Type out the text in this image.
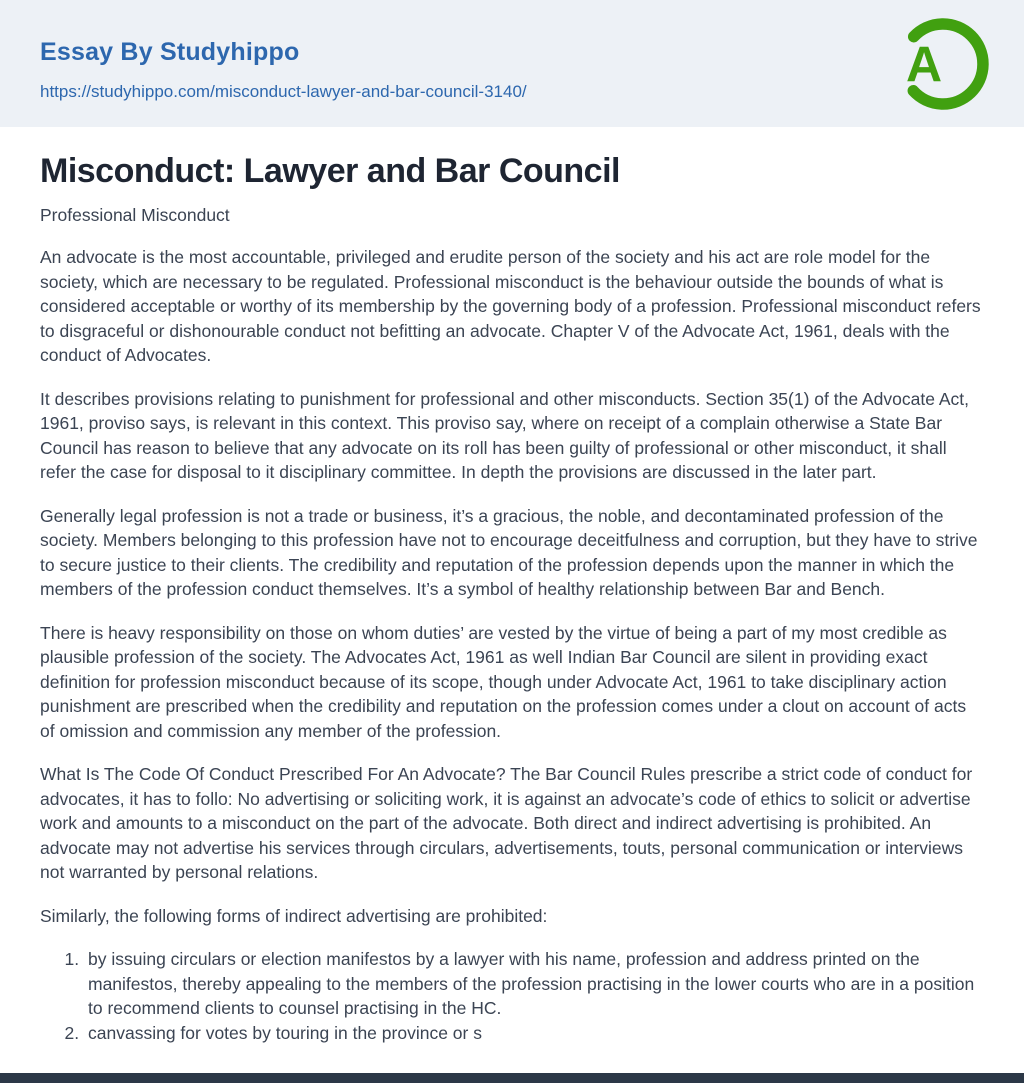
Essay By Studyhippo
https://studyhippo.com/misconduct-lawyer-and-bar-council-3140/	A
Misconduct: Lawyer and Bar Council
Professional Misconduct

An advocate is the most accountable, privileged and erudite person of the society and his act are role model for the society, which are necessary to be regulated. Professional misconduct is the behaviour outside the bounds of what is considered acceptable or worthy of its membership by the governing body of a profession. Professional misconduct refers to disgraceful or dishonourable conduct not befitting an advocate. Chapter V of the Advocate Act, 1961, deals with the conduct of Advocates.

It describes provisions relating to punishment for professional and other misconducts. Section 35(1) of the Advocate Act, 1961, proviso says, is relevant in this context. This proviso say, where on receipt of a complain otherwise a State Bar Council has reason to believe that any advocate on its roll has been guilty of professional or other misconduct, it shall refer the case for disposal to it disciplinary committee. In depth the provisions are discussed in the later part.

Generally legal profession is not a trade or business, it’s a gracious, the noble, and decontaminated profession of the society. Members belonging to this profession have not to encourage deceitfulness and corruption, but they have to strive to secure justice to their clients. The credibility and reputation of the profession depends upon the manner in which the members of the profession conduct themselves. It’s a symbol of healthy relationship between Bar and Bench.

There is heavy responsibility on those on whom duties’ are vested by the virtue of being a part of my most credible as plausible profession of the society. The Advocates Act, 1961 as well Indian Bar Council are silent in providing exact definition for profession misconduct because of its scope, though under Advocate Act, 1961 to take disciplinary action punishment are prescribed when the credibility and reputation on the profession comes under a clout on account of acts of omission and commission any member of the profession.

What Is The Code Of Conduct Prescribed For An Advocate? The Bar Council Rules prescribe a strict code of conduct for advocates, it has to follo: No advertising or soliciting work, it is against an advocate’s code of ethics to solicit or advertise work and amounts to a misconduct on the part of the advocate. Both direct and indirect advertising is prohibited. An advocate may not advertise his services through circulars, advertisements, touts, personal communication or interviews not warranted by personal relations.

Similarly, the following forms of indirect advertising are prohibited:

1. by issuing circulars or election manifestos by a lawyer with his name, profession and address printed on the manifestos, thereby appealing to the members of the profession practising in the lower courts who are in a position to recommend clients to counsel practising in the HC.
2. canvassing for votes by touring in the province or s
